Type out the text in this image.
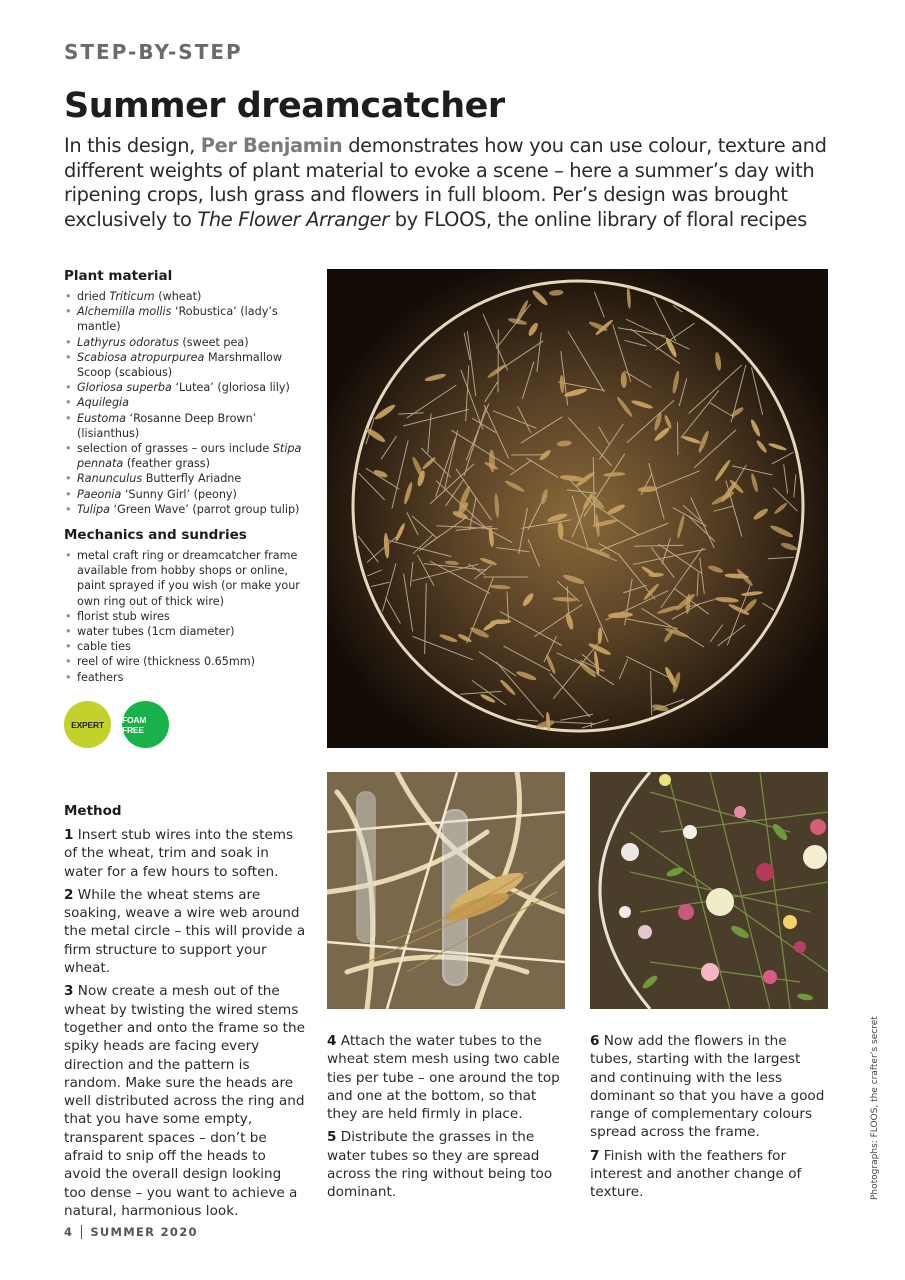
STEP-BY-STEP
Summer dreamcatcher

In this design, Per Benjamin demonstrates how you can use colour, texture and different weights of plant material to evoke a scene – here a summer’s day with ripening crops, lush grass and flowers in full bloom. Per’s design was brought exclusively to The Flower Arranger by FLOOS, the online library of floral recipes

Plant material
• dried Triticum (wheat)
• Alchemilla mollis ‘Robustica’ (lady’s mantle)
• Lathyrus odoratus (sweet pea)
• Scabiosa atropurpurea Marshmallow Scoop (scabious)
• Gloriosa superba ‘Lutea’ (gloriosa lily)
• Aquilegia
• Eustoma ‘Rosanne Deep Brown’ (lisianthus)
• selection of grasses – ours include Stipa pennata (feather grass)
• Ranunculus Butterfly Ariadne
• Paeonia ‘Sunny Girl’ (peony)
• Tulipa ‘Green Wave’ (parrot group tulip)
Mechanics and sundries
• metal craft ring or dreamcatcher frame available from hobby shops or online, paint sprayed if you wish (or make your own ring out of thick wire)
• florist stub wires
• water tubes (1cm diameter)
• cable ties
• reel of wire (thickness 0.65mm)
• feathers
EXPERT	FOAM FREE
Method

1 Insert stub wires into the stems of the wheat, trim and soak in water for a few hours to soften.

2 While the wheat stems are soaking, weave a wire web around the metal circle – this will provide a firm structure to support your wheat.

3 Now create a mesh out of the wheat by twisting the wired stems together and onto the frame so the spiky heads are facing every direction and the pattern is random. Make sure the heads are well distributed across the ring and that you have some empty, transparent spaces – don’t be afraid to snip off the heads to avoid the overall design looking too dense – you want to achieve a natural, harmonious look.

4 Attach the water tubes to the wheat stem mesh using two cable ties per tube – one around the top and one at the bottom, so that they are held firmly in place.

5 Distribute the grasses in the water tubes so they are spread across the ring without being too dominant.

6 Now add the flowers in the tubes, starting with the largest and continuing with the less dominant so that you have a good range of complementary colours spread across the frame.

7 Finish with the feathers for interest and another change of texture.	Photographs: FLOOS, the crafter’s secret
4 SUMMER 2020
